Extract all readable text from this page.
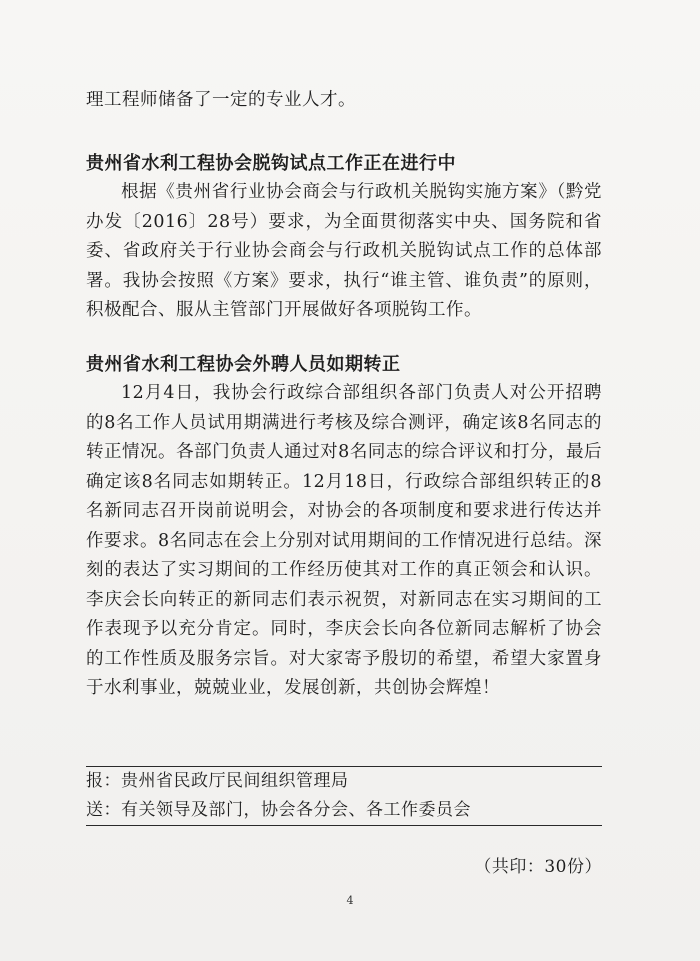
理工程师储备了一定的专业人才。

贵州省水利工程协会脱钩试点工作正在进行中

根据《贵州省行业协会商会与行政机关脱钩实施方案》（黔党办发〔2016〕28号）要求，为全面贯彻落实中央、国务院和省委、省政府关于行业协会商会与行政机关脱钩试点工作的总体部署。我协会按照《方案》要求，执行“谁主管、谁负责”的原则，积极配合、服从主管部门开展做好各项脱钩工作。

贵州省水利工程协会外聘人员如期转正

12月4日，我协会行政综合部组织各部门负责人对公开招聘的8名工作人员试用期满进行考核及综合测评，确定该8名同志的转正情况。各部门负责人通过对8名同志的综合评议和打分，最后确定该8名同志如期转正。12月18日，行政综合部组织转正的8名新同志召开岗前说明会，对协会的各项制度和要求进行传达并作要求。8名同志在会上分别对试用期间的工作情况进行总结。深刻的表达了实习期间的工作经历使其对工作的真正领会和认识。李庆会长向转正的新同志们表示祝贺，对新同志在实习期间的工作表现予以充分肯定。同时，李庆会长向各位新同志解析了协会的工作性质及服务宗旨。对大家寄予殷切的希望，希望大家置身于水利事业，兢兢业业，发展创新，共创协会辉煌！

报：贵州省民政厅民间组织管理局
送：有关领导及部门，协会各分会、各工作委员会
（共印：30份）
4
